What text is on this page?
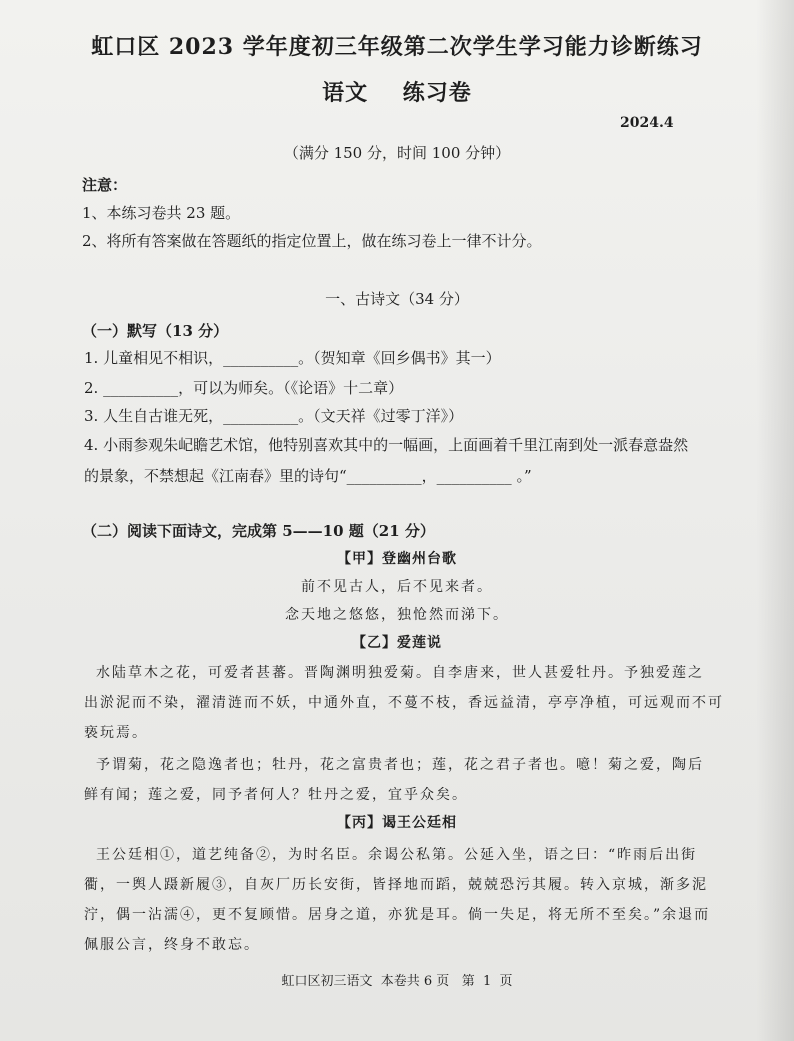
虹口区 2023 学年度初三年级第二次学生学习能力诊断练习
语文    练习卷
2024.4
（满分 150 分，时间 100 分钟）
注意：
1、本练习卷共 23 题。
2、将所有答案做在答题纸的指定位置上，做在练习卷上一律不计分。
一、古诗文（34 分）
（一）默写（13 分）
1. 儿童相见不相识，__________。（贺知章《回乡偶书》其一）
2. __________，可以为师矣。（《论语》十二章）
3. 人生自古谁无死，__________。（文天祥《过零丁洋》）
4. 小雨参观朱屺瞻艺术馆，他特别喜欢其中的一幅画，上面画着千里江南到处一派春意盎然
的景象，不禁想起《江南春》里的诗句“__________，__________ 。”
（二）阅读下面诗文，完成第 5——10 题（21 分）
【甲】登幽州台歌
前不见古人，后不见来者。
念天地之悠悠，独怆然而涕下。
【乙】爱莲说
水陆草木之花，可爱者甚蕃。晋陶渊明独爱菊。自李唐来，世人甚爱牡丹。予独爱莲之
出淤泥而不染，濯清涟而不妖，中通外直，不蔓不枝，香远益清，亭亭净植，可远观而不可
亵玩焉。
予谓菊，花之隐逸者也；牡丹，花之富贵者也；莲，花之君子者也。噫！菊之爱，陶后
鲜有闻；莲之爱，同予者何人？牡丹之爱，宜乎众矣。
【丙】谒王公廷相
王公廷相①，道艺纯备②，为时名臣。余谒公私第。公延入坐，语之曰：“昨雨后出街
衢，一舆人蹑新履③，自灰厂历长安街，皆择地而蹈，兢兢恐污其履。转入京城，渐多泥
泞，偶一沾濡④，更不复顾惜。居身之道，亦犹是耳。倘一失足，将无所不至矣。”余退而
佩服公言，终身不敢忘。
虹口区初三语文  本卷共 6 页   第  1  页
